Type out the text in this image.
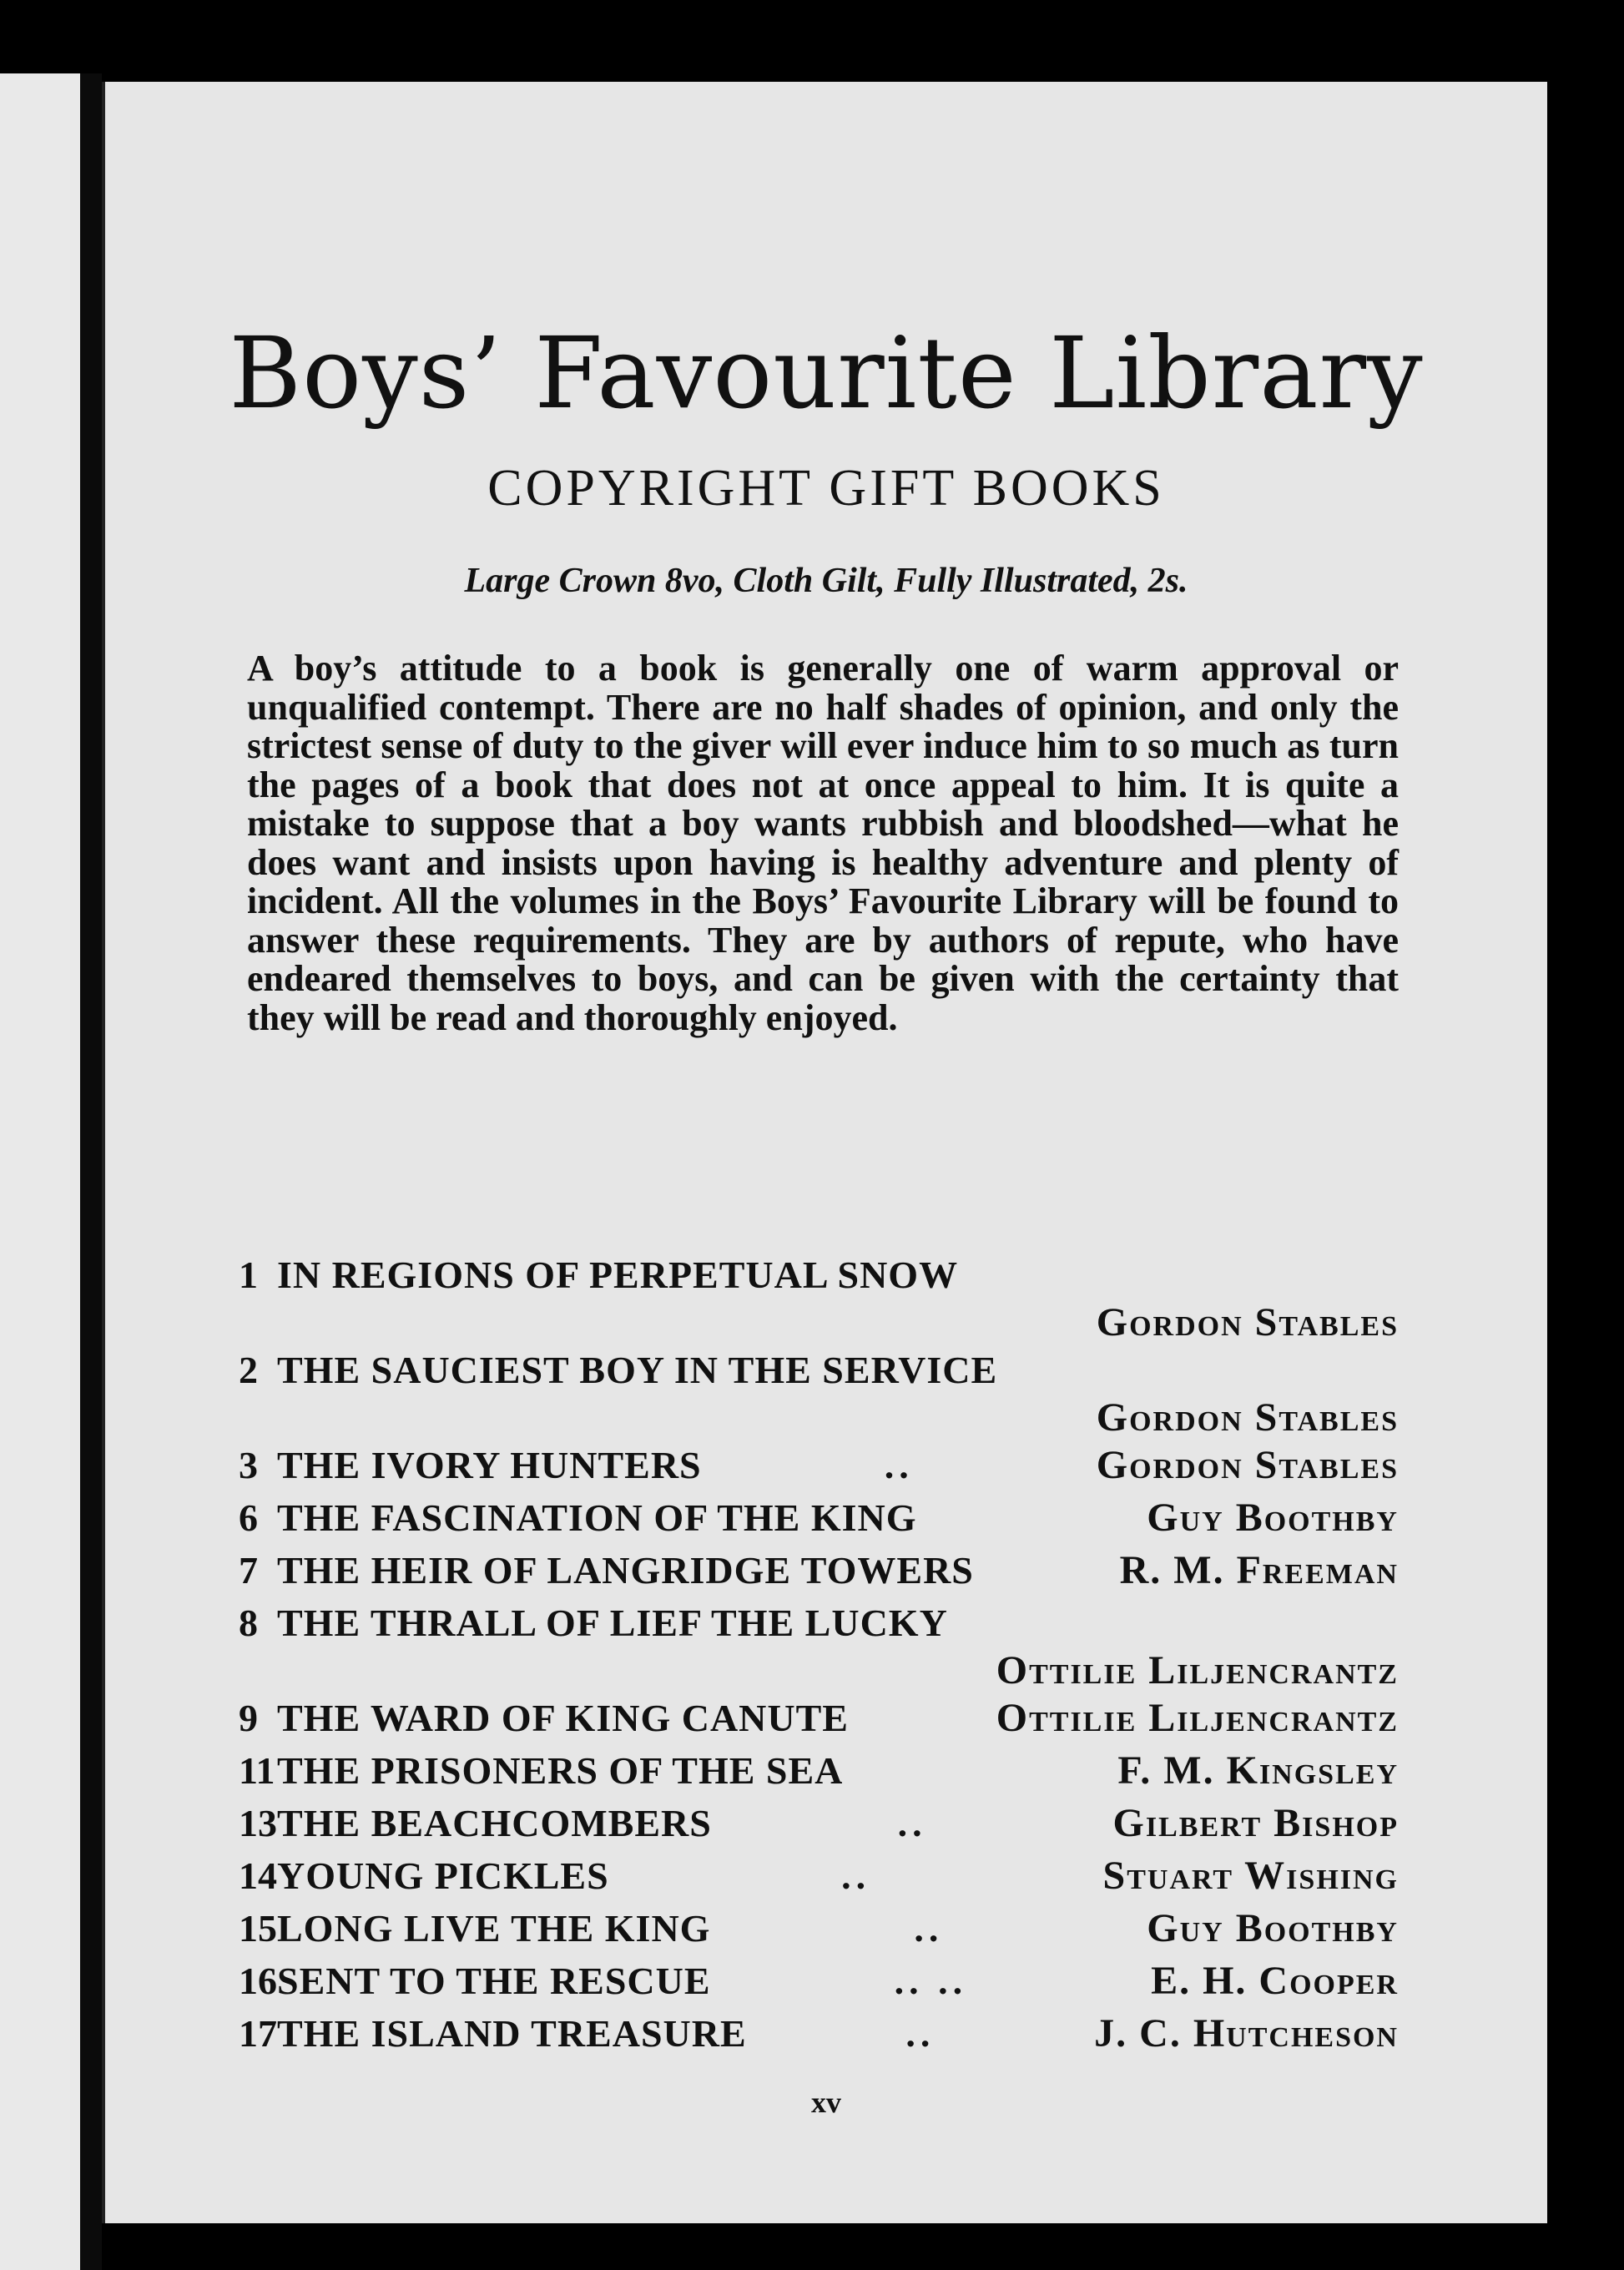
Boys’ Favourite Library
COPYRIGHT GIFT BOOKS
Large Crown 8vo, Cloth Gilt, Fully Illustrated, 2s.

A boy’s attitude to a book is generally one of warm approval or unqualified contempt. There are no half shades of opinion, and only the strictest sense of duty to the giver will ever induce him to so much as turn the pages of a book that does not at once appeal to him. It is quite a mistake to suppose that a boy wants rubbish and bloodshed—what he does want and insists upon having is healthy adventure and plenty of incident. All the volumes in the Boys’ Favourite Library will be found to answer these requirements. They are by authors of repute, who have endeared themselves to boys, and can be given with the certainty that they will be read and thoroughly enjoyed.

1 IN REGIONS OF PERPETUAL SNOW
Gordon Stables
2 THE SAUCIEST BOY IN THE SERVICE
Gordon Stables
3 THE IVORY HUNTERS	..	Gordon Stables
6 THE FASCINATION OF THE KING	Guy Boothby
7 THE HEIR OF LANGRIDGE TOWERS	R. M. Freeman
8 THE THRALL OF LIEF THE LUCKY
Ottilie Liljencrantz
9 THE WARD OF KING CANUTE	Ottilie Liljencrantz
11 THE PRISONERS OF THE SEA	F. M. Kingsley
13 THE BEACHCOMBERS	..	Gilbert Bishop
14 YOUNG PICKLES	..	Stuart Wishing
15 LONG LIVE THE KING	..	Guy Boothby
16 SENT TO THE RESCUE	.. ..	E. H. Cooper
17 THE ISLAND TREASURE	..	J. C. Hutcheson
xv
